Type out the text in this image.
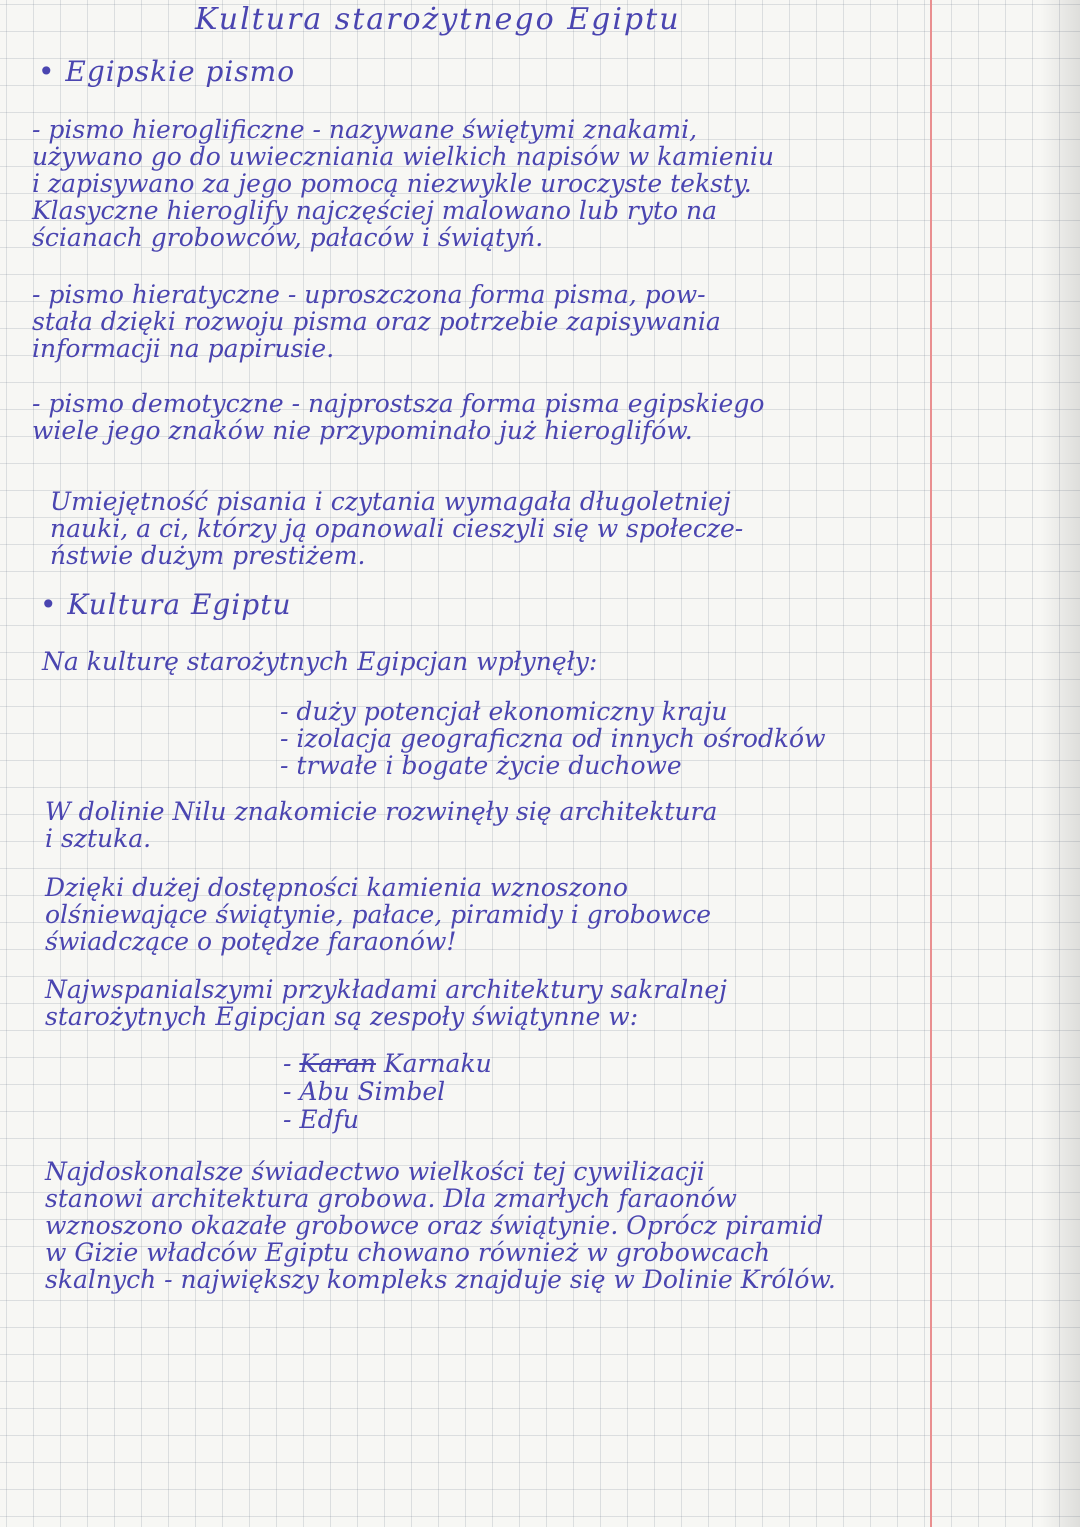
Kultura starożytnego Egiptu
• Egipskie pismo
- pismo hieroglificzne - nazywane świętymi znakami,
używano go do uwieczniania wielkich napisów w kamieniu
i zapisywano za jego pomocą niezwykle uroczyste teksty.
Klasyczne hieroglify najczęściej malowano lub ryto na
ścianach grobowców, pałaców i świątyń.
- pismo hieratyczne - uproszczona forma pisma, pow-
stała dzięki rozwoju pisma oraz potrzebie zapisywania
informacji na papirusie.
- pismo demotyczne - najprostsza forma pisma egipskiego
wiele jego znaków nie przypominało już hieroglifów.
Umiejętność pisania i czytania wymagała długoletniej
nauki, a ci, którzy ją opanowali cieszyli się w społecze-
ństwie dużym prestiżem.
• Kultura Egiptu
Na kulturę starożytnych Egipcjan wpłynęły:
- duży potencjał ekonomiczny kraju
- izolacja geograficzna od innych ośrodków
- trwałe i bogate życie duchowe
W dolinie Nilu znakomicie rozwinęły się architektura
i sztuka.
Dzięki dużej dostępności kamienia wznoszono
olśniewające świątynie, pałace, piramidy i grobowce
świadczące o potędze faraonów!
Najwspanialszymi przykładami architektury sakralnej
starożytnych Egipcjan są zespoły świątynne w:
- Karan Karnaku
- Abu Simbel
- Edfu
Najdoskonalsze świadectwo wielkości tej cywilizacji
stanowi architektura grobowa. Dla zmarłych faraonów
wznoszono okazałe grobowce oraz świątynie. Oprócz piramid
w Gizie władców Egiptu chowano również w grobowcach
skalnych - największy kompleks znajduje się w Dolinie Królów.
